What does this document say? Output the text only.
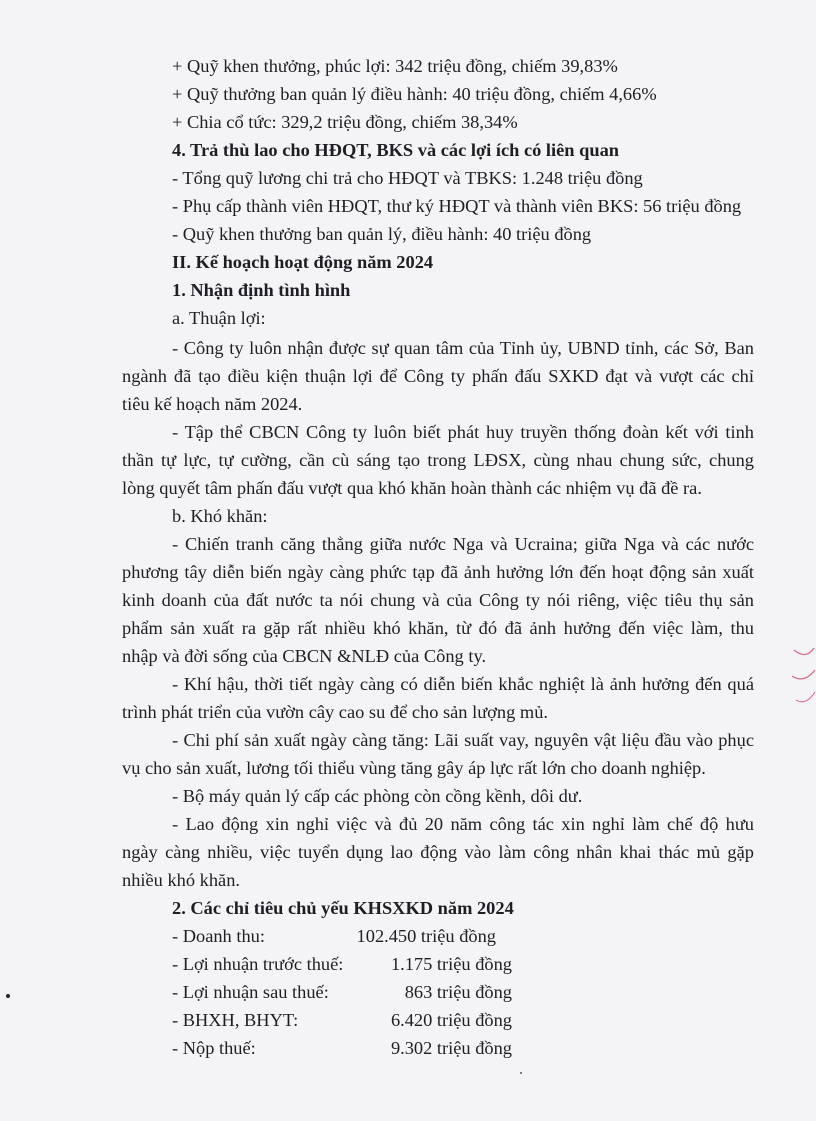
+ Quỹ khen thưởng, phúc lợi: 342 triệu đồng, chiếm 39,83%
+ Quỹ thưởng ban quản lý điều hành: 40 triệu đồng, chiếm 4,66%
+ Chia cổ tức: 329,2 triệu đồng, chiếm 38,34%
4. Trả thù lao cho HĐQT, BKS và các lợi ích có liên quan
- Tổng quỹ lương chi trả cho HĐQT và TBKS: 1.248 triệu đồng
- Phụ cấp thành viên HĐQT, thư ký HĐQT và thành viên BKS: 56 triệu đồng
- Quỹ khen thưởng ban quản lý, điều hành: 40 triệu đồng
II. Kế hoạch hoạt động năm 2024
1. Nhận định tình hình
a. Thuận lợi:
- Công ty luôn nhận được sự quan tâm của Tỉnh ủy, UBND tỉnh, các Sở, Ban
ngành đã tạo điều kiện thuận lợi để Công ty phấn đấu SXKD đạt và vượt các chỉ
tiêu kế hoạch năm 2024.
- Tập thể CBCN Công ty luôn biết phát huy truyền thống đoàn kết với tinh
thần tự lực, tự cường, cần cù sáng tạo trong LĐSX, cùng nhau chung sức, chung
lòng quyết tâm phấn đấu vượt qua khó khăn hoàn thành các nhiệm vụ đã đề ra.
b. Khó khăn:
- Chiến tranh căng thẳng giữa nước Nga và Ucraina; giữa Nga và các nước
phương tây diễn biến ngày càng phức tạp đã ảnh hưởng lớn đến hoạt động sản xuất
kinh doanh của đất nước ta nói chung và của Công ty nói riêng, việc tiêu thụ sản
phẩm sản xuất ra gặp rất nhiều khó khăn, từ đó đã ảnh hưởng đến việc làm, thu
nhập và đời sống của CBCN &NLĐ của Công ty.
- Khí hậu, thời tiết ngày càng có diễn biến khắc nghiệt là ảnh hưởng đến quá
trình phát triển của vườn cây cao su để cho sản lượng mủ.
- Chi phí sản xuất ngày càng tăng: Lãi suất vay, nguyên vật liệu đầu vào phục
vụ cho sản xuất, lương tối thiểu vùng tăng gây áp lực rất lớn cho doanh nghiệp.
- Bộ máy quản lý cấp các phòng còn cồng kềnh, dôi dư.
- Lao động xin nghỉ việc và đủ 20 năm công tác xin nghỉ làm chế độ hưu
ngày càng nhiều, việc tuyển dụng lao động vào làm công nhân khai thác mủ gặp
nhiều khó khăn.
2. Các chỉ tiêu chủ yếu KHSXKD năm 2024
- Doanh thu:	102.450 triệu đồng
- Lợi nhuận trước thuế:	1.175 triệu đồng
- Lợi nhuận sau thuế:	863 triệu đồng
- BHXH, BHYT:	6.420 triệu đồng
- Nộp thuế:	9.302 triệu đồng
